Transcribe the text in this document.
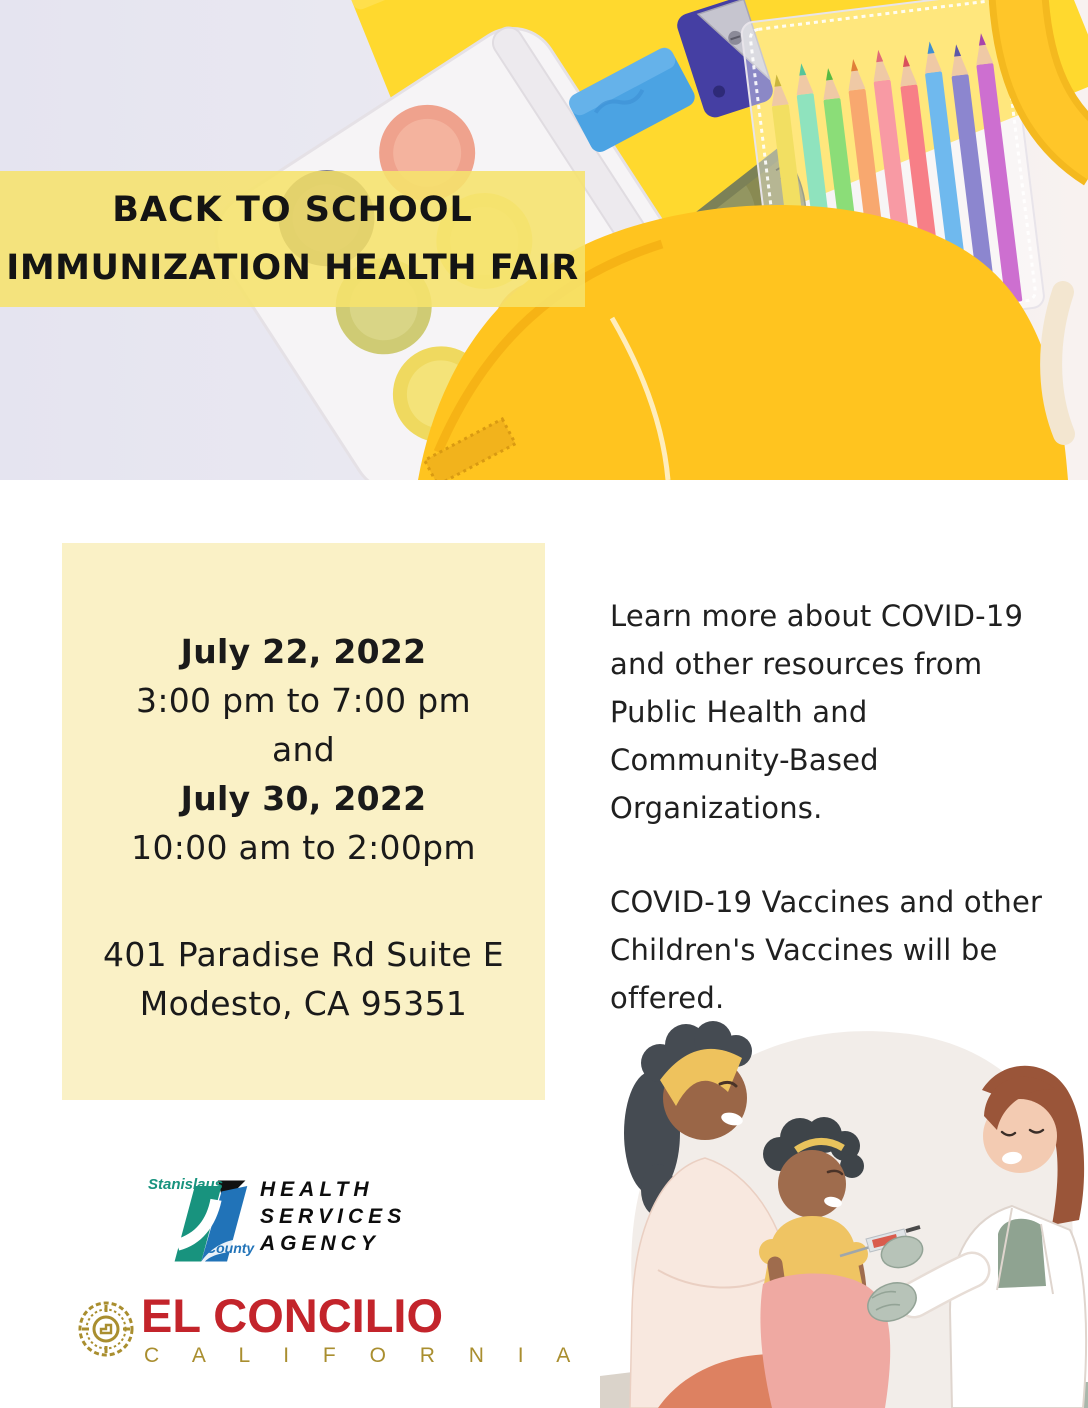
BACK TO SCHOOL
IMMUNIZATION HEALTH FAIR
July 22, 2022
3:00 pm to 7:00 pm
and
July 30, 2022
10:00 am to 2:00pm
401 Paradise Rd Suite E
Modesto, CA 95351

Learn more about COVID-19 and other resources from Public Health and Community-Based Organizations.

COVID-19 Vaccines and other Children's Vaccines will be offered.

Stanislaus
County
HEALTH
SERVICES
AGENCY
EL CONCILIO
C A L I F O R N I A
